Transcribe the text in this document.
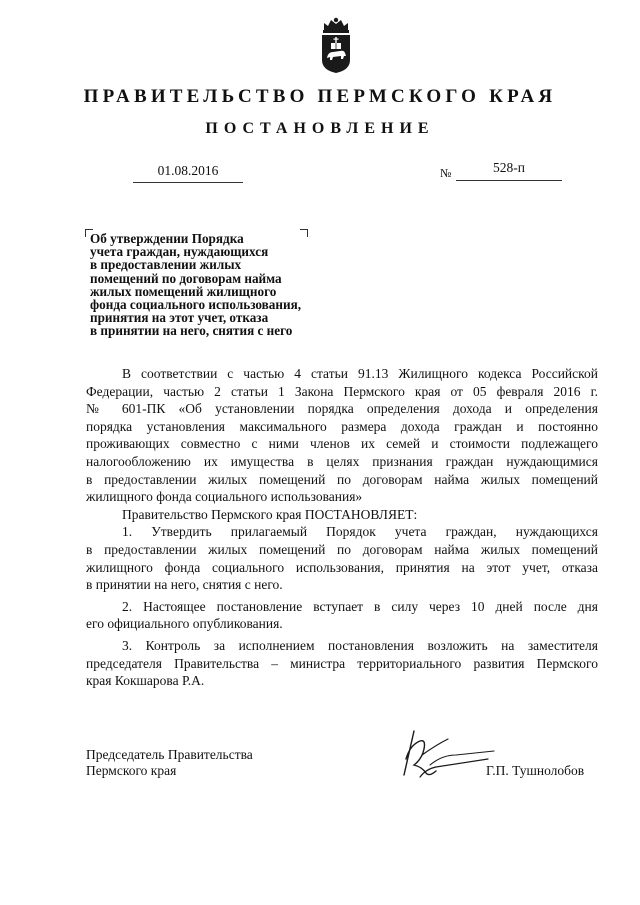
ПРАВИТЕЛЬСТВО ПЕРМСКОГО КРАЯ
ПОСТАНОВЛЕНИЕ
01.08.2016	№	528-п
Об утверждении Порядка
учета граждан, нуждающихся
в предоставлении жилых
помещений по договорам найма
жилых помещений жилищного
фонда социального использования,
принятия на этот учет, отказа
в принятии на него, снятия с него
В соответствии с частью 4 статьи 91.13 Жилищного кодекса Российской
Федерации, частью 2 статьи 1 Закона Пермского края от 05 февраля 2016 г.
№ 601-ПК «Об установлении порядка определения дохода и определения
порядка установления максимального размера дохода граждан и постоянно
проживающих совместно с ними членов их семей и стоимости подлежащего
налогообложению их имущества в целях признания граждан нуждающимися
в предоставлении жилых помещений по договорам найма жилых помещений
жилищного фонда социального использования»
Правительство Пермского края ПОСТАНОВЛЯЕТ:
1. Утвердить прилагаемый Порядок учета граждан, нуждающихся
в предоставлении жилых помещений по договорам найма жилых помещений
жилищного фонда социального использования, принятия на этот учет, отказа
в принятии на него, снятия с него.
2. Настоящее постановление вступает в силу через 10 дней после дня
его официального опубликования.
3. Контроль за исполнением постановления возложить на заместителя
председателя Правительства – министра территориального развития Пермского
края Кокшарова Р.А.
Председатель Правительства
Пермского края	Г.П. Тушнолобов
